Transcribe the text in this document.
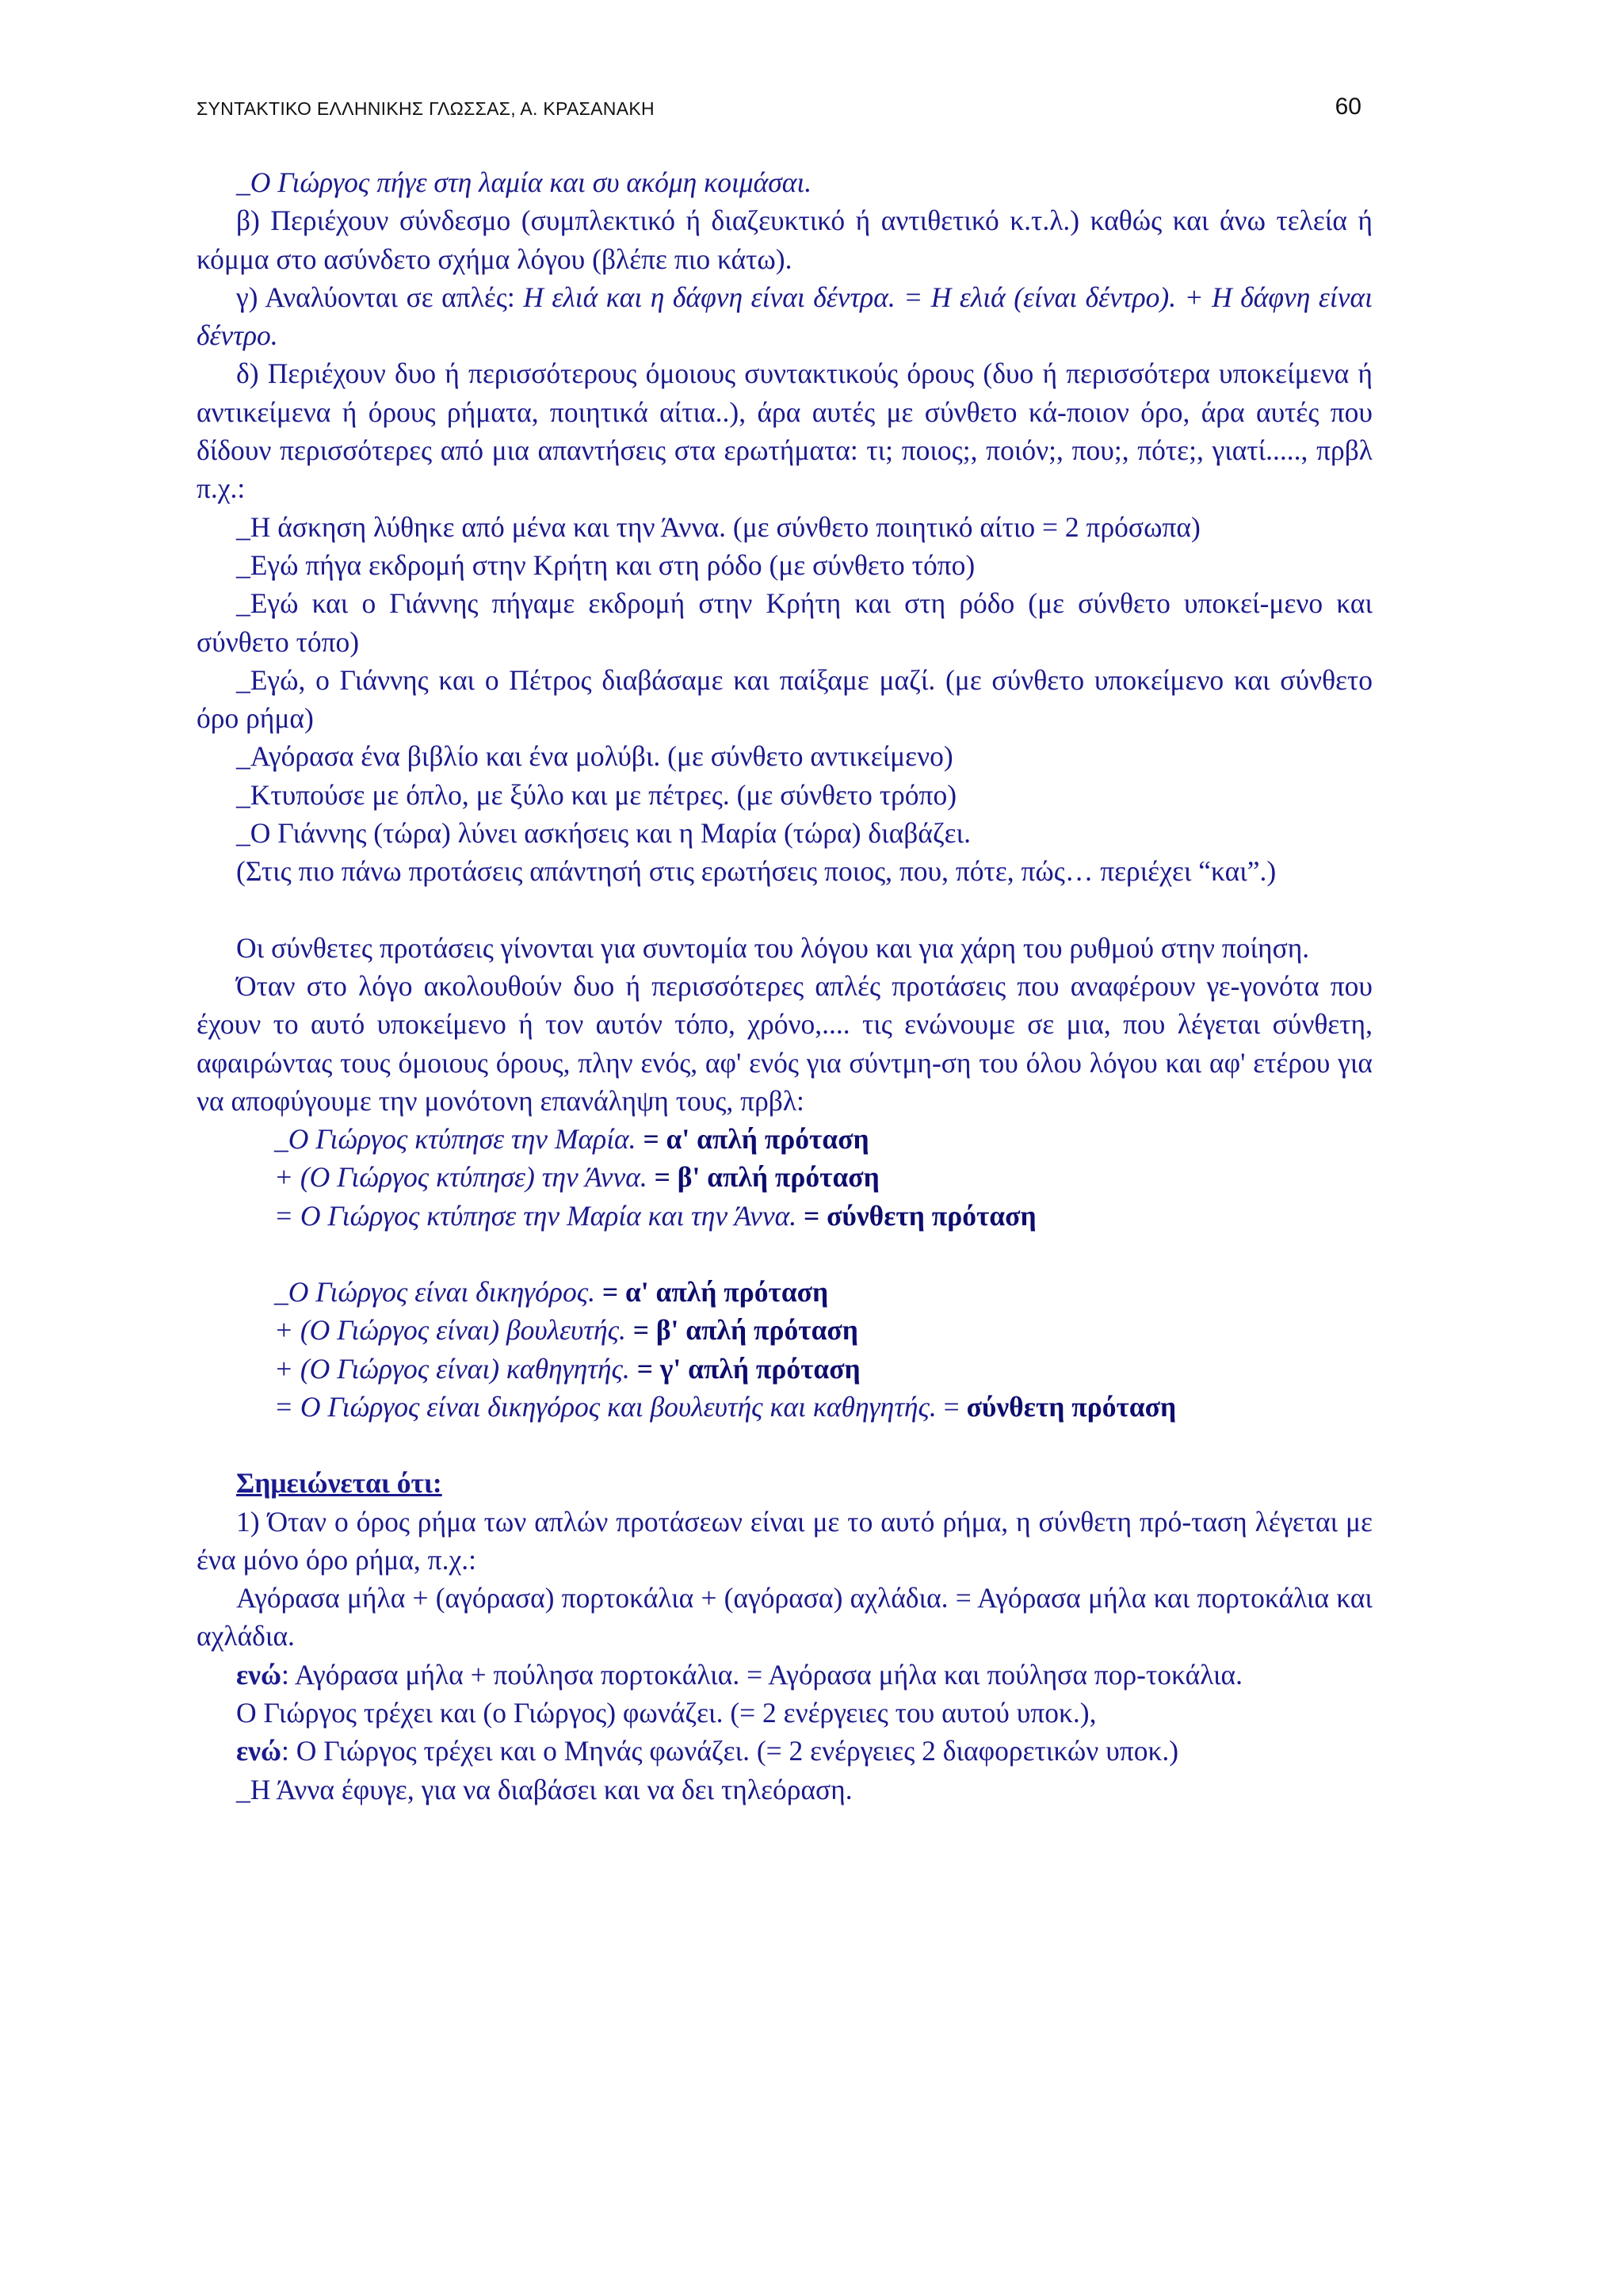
ΣΥΝΤΑΚΤΙΚΟ ΕΛΛΗΝΙΚΗΣ ΓΛΩΣΣΑΣ, Α. ΚΡΑΣΑΝΑΚΗ	60

_Ο Γιώργος πήγε στη λαμία και συ ακόμη κοιμάσαι.

β) Περιέχουν σύνδεσμο (συμπλεκτικό ή διαζευκτικό ή αντιθετικό κ.τ.λ.) καθώς και άνω τελεία ή κόμμα στο ασύνδετο σχήμα λόγου (βλέπε πιο κάτω).

γ) Αναλύονται σε απλές: Η ελιά και η δάφνη είναι δέντρα. = Η ελιά (είναι δέντρο). + Η δάφνη είναι δέντρο.

δ) Περιέχουν δυο ή περισσότερους όμοιους συντακτικούς όρους (δυο ή περισσότερα υποκείμενα ή αντικείμενα ή όρους ρήματα, ποιητικά αίτια..), άρα αυτές με σύνθετο κά-ποιον όρο, άρα αυτές που δίδουν περισσότερες από μια απαντήσεις στα ερωτήματα: τι; ποιος;, ποιόν;, που;, πότε;, γιατί....., πρβλ π.χ.:

_Η άσκηση λύθηκε από μένα και την Άννα. (με σύνθετο ποιητικό αίτιο = 2 πρόσωπα)

_Εγώ πήγα εκδρομή στην Κρήτη και στη ρόδο (με σύνθετο τόπο)

_Εγώ και ο Γιάννης πήγαμε εκδρομή στην Κρήτη και στη ρόδο (με σύνθετο υποκεί-μενο και σύνθετο τόπο)

_Εγώ, ο Γιάννης και ο Πέτρος διαβάσαμε και παίξαμε μαζί. (με σύνθετο υποκείμενο και σύνθετο όρο ρήμα)

_Αγόρασα ένα βιβλίο και ένα μολύβι. (με σύνθετο αντικείμενο)

_Κτυπούσε με όπλο, με ξύλο και με πέτρες. (με σύνθετο τρόπο)

_Ο Γιάννης (τώρα) λύνει ασκήσεις και η Μαρία (τώρα) διαβάζει.

(Στις πιο πάνω προτάσεις απάντησή στις ερωτήσεις ποιος, που, πότε, πώς… περιέχει “και”.)

Οι σύνθετες προτάσεις γίνονται για συντομία του λόγου και για χάρη του ρυθμού στην ποίηση.

Όταν στο λόγο ακολουθούν δυο ή περισσότερες απλές προτάσεις που αναφέρουν γε-γονότα που έχουν το αυτό υποκείμενο ή τον αυτόν τόπο, χρόνο,.... τις ενώνουμε σε μια, που λέγεται σύνθετη, αφαιρώντας τους όμοιους όρους, πλην ενός, αφ' ενός για σύντμη-ση του όλου λόγου και αφ' ετέρου για να αποφύγουμε την μονότονη επανάληψη τους, πρβλ:

_Ο Γιώργος κτύπησε την Μαρία. = α' απλή πρόταση

+ (Ο Γιώργος κτύπησε) την Άννα. = β' απλή πρόταση

= Ο Γιώργος κτύπησε την Μαρία και την Άννα. = σύνθετη πρόταση

_Ο Γιώργος είναι δικηγόρος. = α' απλή πρόταση

+ (Ο Γιώργος είναι) βουλευτής. = β' απλή πρόταση

+ (Ο Γιώργος είναι) καθηγητής. = γ' απλή πρόταση

= Ο Γιώργος είναι δικηγόρος και βουλευτής και καθηγητής. = σύνθετη πρόταση

Σημειώνεται ότι:

1) Όταν ο όρος ρήμα των απλών προτάσεων είναι με το αυτό ρήμα, η σύνθετη πρό-ταση λέγεται με ένα μόνο όρο ρήμα, π.χ.:

Αγόρασα μήλα + (αγόρασα) πορτοκάλια + (αγόρασα) αχλάδια. = Αγόρασα μήλα και πορτοκάλια και αχλάδια.

ενώ: Αγόρασα μήλα + πούλησα πορτοκάλια. = Αγόρασα μήλα και πούλησα πορ-τοκάλια.

Ο Γιώργος τρέχει και (ο Γιώργος) φωνάζει. (= 2 ενέργειες του αυτού υποκ.),

ενώ: Ο Γιώργος τρέχει και ο Μηνάς φωνάζει. (= 2 ενέργειες 2 διαφορετικών υποκ.)

_Η Άννα έφυγε, για να διαβάσει και να δει τηλεόραση.
